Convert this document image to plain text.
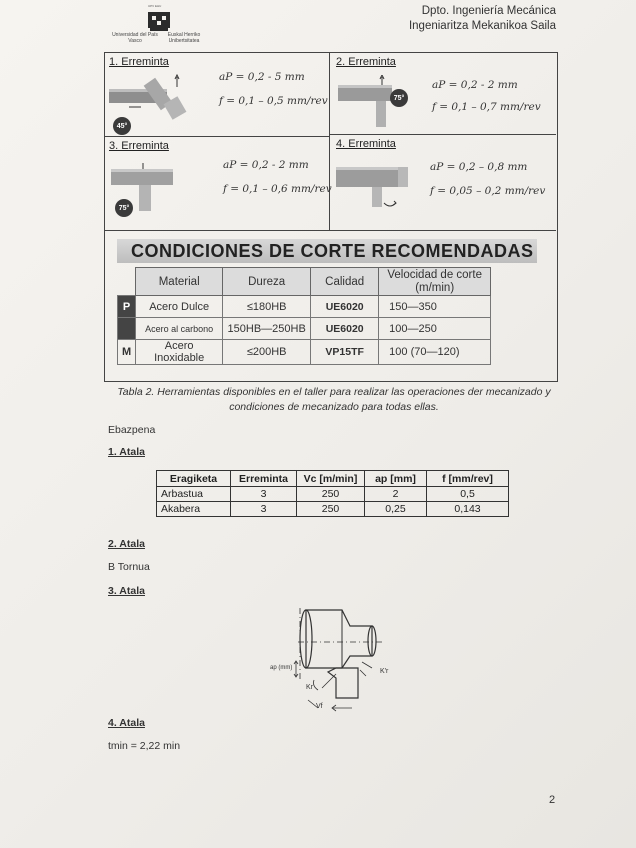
UPV EHU
Universidad del País Vasco
Euskal Herriko Unibertsitatea
Dpto. Ingeniería Mecánica
Ingeniaritza Mekanikoa Saila
1. Erreminta
45°
aP = 0,2 - 5 mm
f = 0,1 – 0,5 mm/rev
2. Erreminta
75°
aP = 0,2 - 2 mm
f = 0,1 – 0,7 mm/rev
3. Erreminta
75°
aP = 0,2 - 2 mm
f = 0,1 – 0,6 mm/rev
4. Erreminta
aP = 0,2 – 0,8 mm
f = 0,05 – 0,2 mm/rev
CONDICIONES DE CORTE RECOMENDADAS
	Material	Dureza	Calidad	Velocidad de corte (m/min)
P	Acero Dulce	≤180HB	UE6020	150—350
	Acero al carbono	150HB—250HB	UE6020	100—250
M	Acero Inoxidable	≤200HB	VP15TF	100 (70—120)
Tabla 2. Herramientas disponibles en el taller para realizar las operaciones der mecanizado y condiciones de mecanizado para todas ellas.
Ebazpena
1. Atala
Eragiketa	Erreminta	Vc [m/min]	ap [mm]	f [mm/rev]
Arbastua	3	250	2	0,5
Akabera	3	250	0,25	0,143
2. Atala
B Tornua
3. Atala
ap (mm)
Kr
K'r
Vf
4. Atala
tmin = 2,22 min
2
